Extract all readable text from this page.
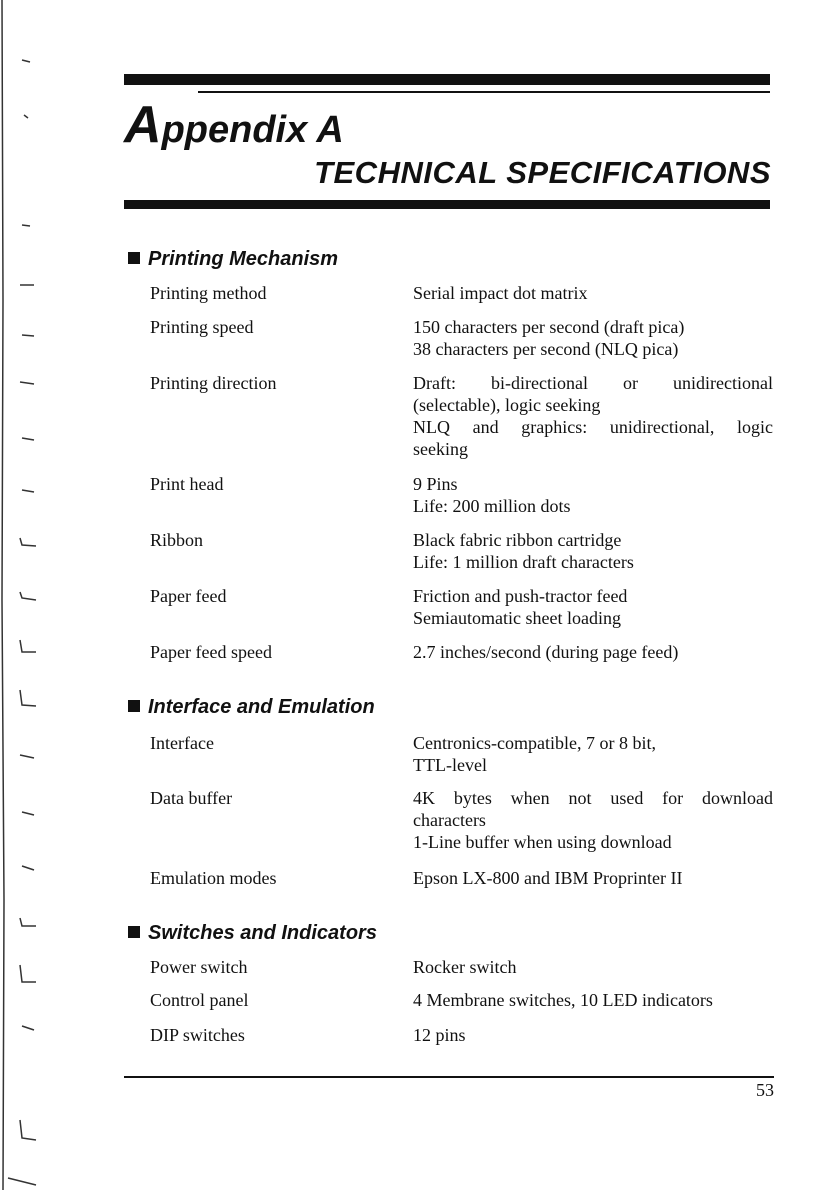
Appendix A
TECHNICAL SPECIFICATIONS
Printing Mechanism
Printing method	Serial impact dot matrix
Printing speed	150 characters per second (draft pica)
38 characters per second (NLQ pica)
Printing direction	Draft: bi-directional or unidirectional
(selectable), logic seeking
NLQ and graphics: unidirectional, logic
seeking
Print head	9 Pins
Life: 200 million dots
Ribbon	Black fabric ribbon cartridge
Life: 1 million draft characters
Paper feed	Friction and push-tractor feed
Semiautomatic sheet loading
Paper feed speed	2.7 inches/second (during page feed)
Interface and Emulation
Interface	Centronics-compatible, 7 or 8 bit,
TTL-level
Data buffer	4K bytes when not used for download
characters
1-Line buffer when using download
Emulation modes	Epson LX-800 and IBM Proprinter II
Switches and Indicators
Power switch	Rocker switch
Control panel	4 Membrane switches, 10 LED indicators
DIP switches	12 pins
53
